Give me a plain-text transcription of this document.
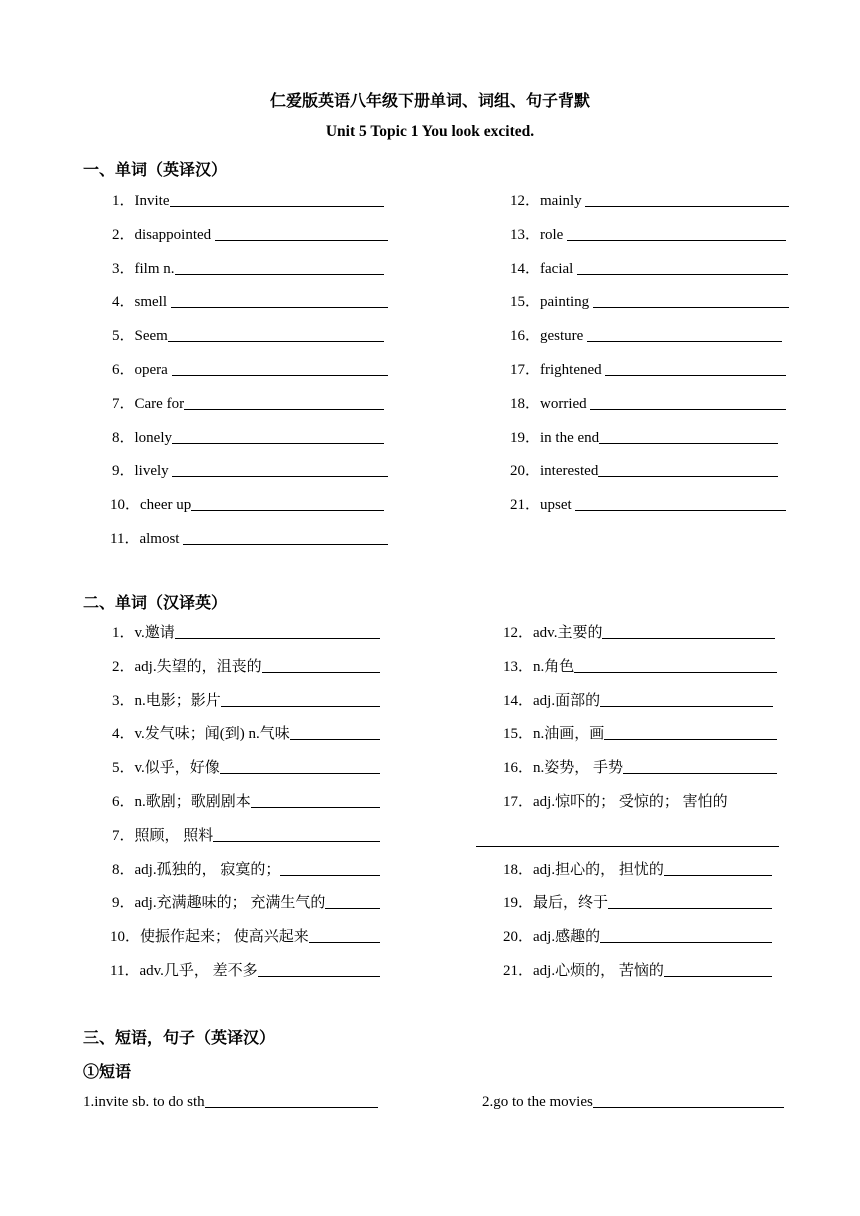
仁爱版英语八年级下册单词、词组、句子背默
Unit 5 Topic 1 You look excited.
一、单词（英译汉）
二、单词（汉译英）
三、短语，句子（英译汉）
①短语
1．Invite
2．disappointed
3．film n.
4．smell
5．Seem
6．opera
7．Care for
8．lonely
9．lively
10．cheer up
11．almost
12．mainly
13．role
14．facial
15．painting
16．gesture
17．frightened
18．worried
19．in the end
20．interested
21．upset
1．v.邀请
2．adj.失望的，沮丧的
3．n.电影；影片
4．v.发气味；闻(到) n.气味
5．v.似乎，好像
6．n.歌剧；歌剧剧本
7．照顾， 照料
8．adj.孤独的， 寂寞的；
9．adj.充满趣味的； 充满生气的
10．使振作起来； 使高兴起来
11．adv.几乎， 差不多
12．adv.主要的
13．n.角色
14．adj.面部的
15．n.油画，画
16．n.姿势， 手势
17．adj.惊吓的； 受惊的； 害怕的
18．adj.担心的， 担忧的
19．最后，终于
20．adj.感趣的
21．adj.心烦的， 苦恼的
1.invite sb. to do sth	2.go to the movies
